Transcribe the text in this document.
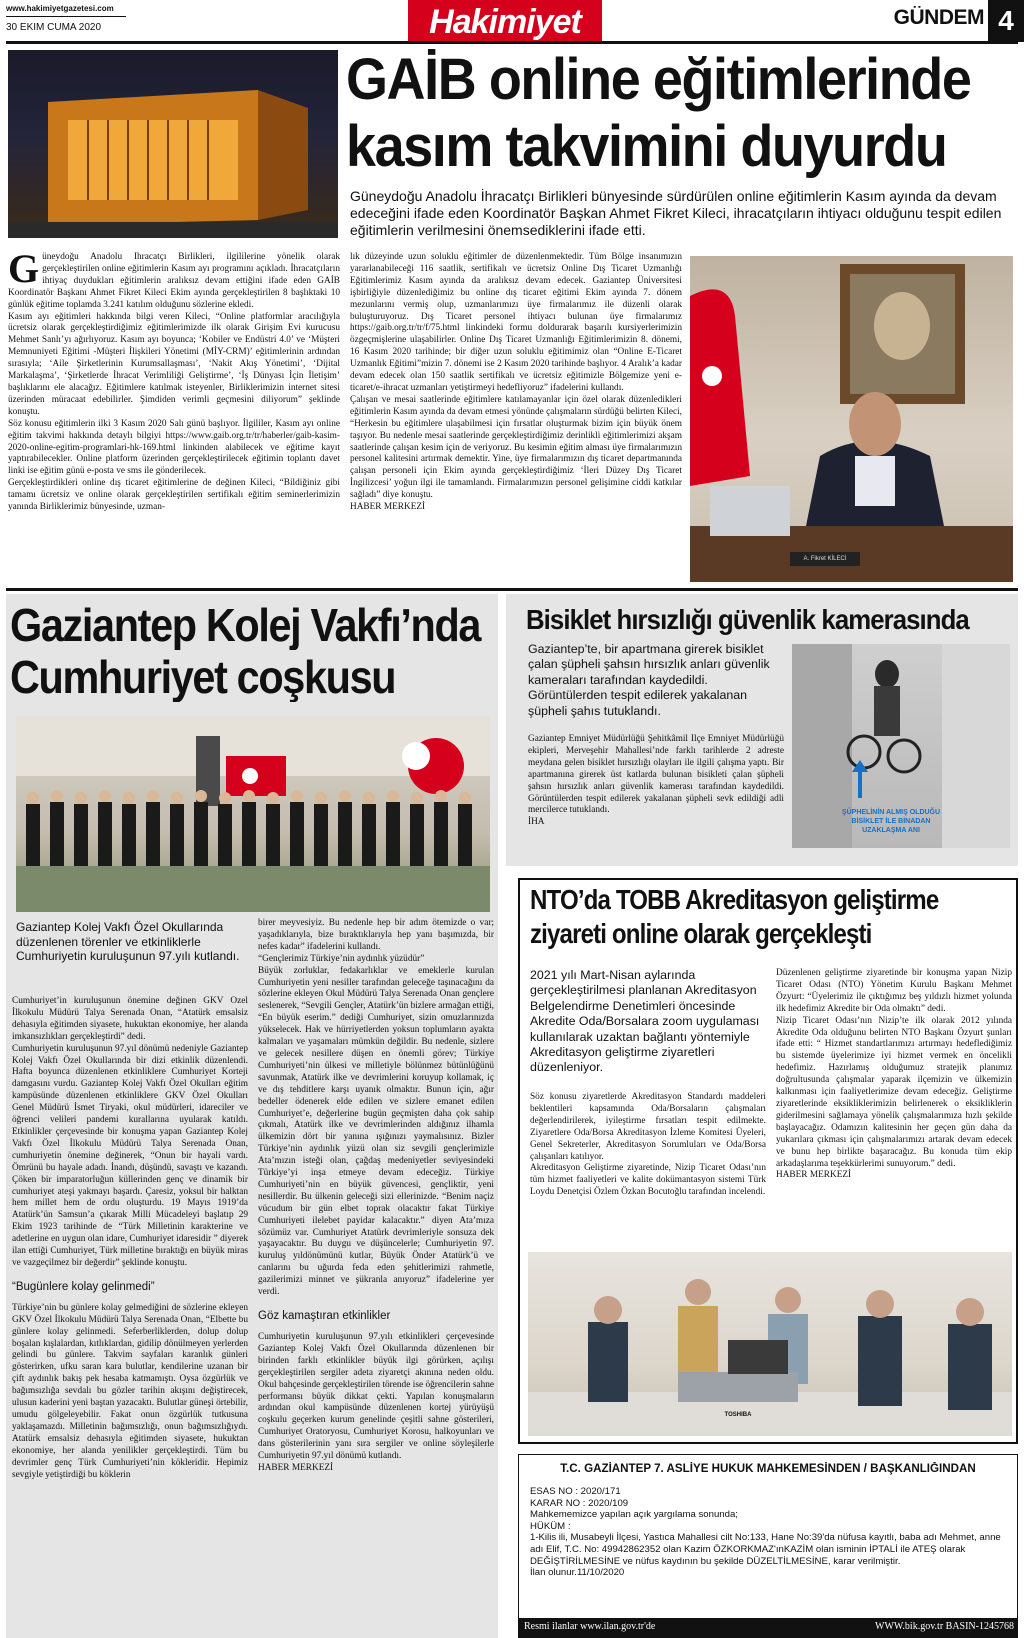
www.hakimiyetgazetesi.com
30 EKİM CUMA 2020	Hakimiyet	GÜNDEM 4
GAİB online eğitimlerinde
kasım takvimini duyurdu
Güneydoğu Anadolu İhracatçı Birlikleri bünyesinde sürdürülen online eğitimlerin Kasım ayında da devam edeceğini ifade eden Koordinatör Başkan Ahmet Fikret Kileci, ihracatçıların ihtiyacı olduğunu tespit edilen eğitimlerin verilmesini önemsediklerini ifade etti.
G üneydoğu Anadolu İhracatçı Birlikleri, ilgililerine yönelik olarak gerçekleştirilen online eğitimlerin Kasım ayı programını açıkladı. İhracatçıların ihtiyaç duydukları eğitimlerin aralıksız devam ettiğini ifade eden GAİB Koordinatör Başkanı Ahmet Fikret Kileci Ekim ayında gerçekleştirilen 8 başlıktaki 10 günlük eğitime toplamda 3.241 katılım olduğunu sözlerine ekledi.

Kasım ayı eğitimleri hakkında bilgi veren Kileci, “Online platformlar aracılığıyla ücretsiz olarak gerçekleştirdiğimiz eğitimlerimizde ilk olarak Girişim Evi kurucusu Mehmet Sanlı’yı ağırlıyoruz. Kasım ayı boyunca; ‘Kobiler ve Endüstri 4.0’ ve ‘Müşteri Memnuniyeti Eğitimi -Müşteri İlişkileri Yönetimi (MİY-CRM)’ eğitimlerinin ardından sırasıyla; ‘Aile Şirketlerinin Kurumsallaşması’, ‘Nakit Akış Yönetimi’, ‘Dijital Markalaşma’, ‘Şirketlerde İhracat Verimliliği Geliştirme’, ‘İş Dünyası İçin İletişim’ başlıklarını ele alacağız. Eğitimlere katılmak isteyenler, Birliklerimizin internet sitesi üzerinden müracaat edebilirler. Şimdiden verimli geçmesini diliyorum” şeklinde konuştu.

Söz konusu eğitimlerin ilki 3 Kasım 2020 Salı günü başlıyor. İlgililer, Kasım ayı online eğitim takvimi hakkında detaylı bilgiyi https://www.gaib.org.tr/tr/haberler/gaib-kasim-2020-online-egitim-programlari-hk-169.html linkinden alabilecek ve eğitime kayıt yaptırabilecekler. Online platform üzerinden gerçekleştirilecek eğitimin toplantı davet linki ise eğitim günü e-posta ve sms ile gönderilecek.

Gerçekleştirdikleri online dış ticaret eğitimlerine de değinen Kileci, “Bildiğiniz gibi tamamı ücretsiz ve online olarak gerçekleştirilen sertifikalı eğitim seminerlerimizin yanında Birliklerimiz bünyesinde, uzman-

lık düzeyinde uzun soluklu eğitimler de düzenlenmektedir. Tüm Bölge insanımızın yararlanabileceği 116 saatlik, sertifikalı ve ücretsiz Online Dış Ticaret Uzmanlığı Eğitimlerimiz Kasım ayında da aralıksız devam edecek. Gaziantep Üniversitesi işbirliğiyle düzenlediğimiz bu online dış ticaret eğitimi Ekim ayında 7. dönem mezunlarını vermiş olup, uzmanlarımızı üye firmalarımız ile düzenli olarak buluşturuyoruz. Dış Ticaret personel ihtiyacı bulunan üye firmalarımız https://gaib.org.tr/tr/f/75.html linkindeki formu doldurarak başarılı kursiyerlerimizin özgeçmişlerine ulaşabilirler. Online Dış Ticaret Uzmanlığı Eğitimlerimizin 8. dönemi, 16 Kasım 2020 tarihinde; bir diğer uzun soluklu eğitimimiz olan “Online E-Ticaret Uzmanlık Eğitimi”mizin 7. dönemi ise 2 Kasım 2020 tarihinde başlıyor. 4 Aralık’a kadar devam edecek olan 150 saatlik sertifikalı ve ücretsiz eğitimizle Bölgemize yeni e-ticaret/e-ihracat uzmanları yetiştirmeyi hedefliyoruz” ifadelerini kullandı.

Çalışan ve mesai saatlerinde eğitimlere katılamayanlar için özel olarak düzenledikleri eğitimlerin Kasım ayında da devam etmesi yönünde çalışmaların sürdüğü belirten Kileci, “Herkesin bu eğitimlere ulaşabilmesi için fırsatlar oluşturmak bizim için büyük önem taşıyor. Bu nedenle mesai saatlerinde gerçekleştirdiğimiz derinlikli eğitimlerimizi akşam saatlerinde çalışan kesim için de veriyoruz. Bu kesimin eğitim alması üye firmalarımızın personel kalitesini artırmak demektir. Yine, üye firmalarımızın dış ticaret departmanında çalışan personeli için Ekim ayında gerçekleştirdiğimiz ‘İleri Düzey Dış Ticaret İngilizcesi’ yoğun ilgi ile tamamlandı. Firmalarımızın personel gelişimine ciddi katkılar sağladı” diye konuştu.

HABER MERKEZİ

A. Fikret KİLECİ
Gaziantep Kolej Vakfı’nda
Cumhuriyet coşkusu
Gaziantep Kolej Vakfı Özel Okullarında düzenlenen törenler ve etkinliklerle Cumhuriyetin kuruluşunun 97.yılı kutlandı.

Cumhuriyet’in kuruluşunun önemine değinen GKV Özel İlkokulu Müdürü Talya Serenada Onan, “Atatürk emsalsiz dehasıyla eğitimden siyasete, hukuktan ekonomiye, her alanda imkansızlıkları gerçekleştirdi” dedi.

Cumhuriyetin kuruluşunun 97.yıl dönümü nedeniyle Gaziantep Kolej Vakfı Özel Okullarında bir dizi etkinlik düzenlendi. Hafta boyunca düzenlenen etkinliklere Cumhuriyet Korteji damgasını vurdu. Gaziantep Kolej Vakfı Özel Okulları eğitim kampüsünde düzenlenen etkinliklere GKV Özel Okulları Genel Müdürü İsmet Tiryaki, okul müdürleri, idareciler ve öğrenci velileri pandemi kurallarına uyularak katıldı. Etkinlikler çerçevesinde bir konuşma yapan Gaziantep Kolej Vakfı Özel İlkokulu Müdürü Talya Serenada Onan, cumhuriyetin önemine değinerek, “Onun bir hayali vardı. Ömrünü bu hayale adadı. İnandı, düşündü, savaştı ve kazandı. Çöken bir imparatorluğun küllerinden genç ve dinamik bir cumhuriyet ateşi yakmayı başardı. Çaresiz, yoksul bir halktan hem millet hem de ordu oluşturdu. 19 Mayıs 1919’da Atatürk’ün Samsun’a çıkarak Milli Mücadeleyi başlatıp 29 Ekim 1923 tarihinde de “Türk Milletinin karakterine ve adetlerine en uygun olan idare, Cumhuriyet idaresidir ” diyerek ilan ettiği Cumhuriyet, Türk milletine bıraktığı en büyük miras ve vazgeçilmez bir değerdir” şeklinde konuştu.

“Bugünlere kolay gelinmedi”

Türkiye’nin bu günlere kolay gelmediğini de sözlerine ekleyen GKV Özel İlkokulu Müdürü Talya Serenada Onan, “Elbette bu günlere kolay gelinmedi. Seferberliklerden, dolup dolup boşalan kışlalardan, kıtlıklardan, gidilip dönülmeyen yerlerden gelindi bu günlere. Takvim sayfaları karanlık günleri gösterirken, ufku saran kara bulutlar, kendilerine uzanan bir çift aydınlık bakış pek hesaba katmamıştı. Oysa özgürlük ve bağımsızlığa sevdalı bu gözler tarihin akışını değiştirecek, ulusun kaderini yeni baştan yazacaktı. Bulutlar güneşi örtebilir, umudu gölgeleyebilir. Fakat onun özgürlük tutkusuna yaklaşamazdı. Milletinin bağımsızlığı, onun bağımsızlığıydı. Atatürk emsalsiz dehasıyla eğitimden siyasete, hukuktan ekonomiye, her alanda yenilikler gerçekleştirdi. Tüm bu devrimler genç Türk Cumhuriyeti’nin kökleridir. Hepimiz sevgiyle yetiştirdiği bu köklerin

birer meyvesiyiz. Bu nedenle hep bir adım ötemizde o var; yaşadıklarıyla, bize bıraktıklarıyla hep yanı başımızda, bir nefes kadar” ifadelerini kullandı.

“Gençlerimiz Türkiye’nin aydınlık yüzüdür”

Büyük zorluklar, fedakarlıklar ve emeklerle kurulan Cumhuriyetin yeni nesiller tarafından geleceğe taşınacağını da sözlerine ekleyen Okul Müdürü Talya Serenada Onan gençlere seslenerek, “Sevgili Gençler, Atatürk’ün bizlere armağan ettiği, “En büyük eserim.” dediği Cumhuriyet, sizin omuzlarınızda yükselecek. Hak ve hürriyetlerden yoksun toplumların ayakta kalmaları ve yaşamaları mümkün değildir. Bu nedenle, sizlere ve gelecek nesillere düşen en önemli görev; Türkiye Cumhuriyeti’nin ülkesi ve milletiyle bölünmez bütünlüğünü savunmak, Atatürk ilke ve devrimlerini koruyup kollamak, iç ve dış tehditlere karşı uyanık olmaktır. Bunun için, ağır bedeller ödenerek elde edilen ve sizlere emanet edilen Cumhuriyet’e, değerlerine bugün geçmişten daha çok sahip çıkmalı, Atatürk ilke ve devrimlerinden aldığınız ilhamla ülkemizin dört bir yanına ışığınızı yaymalısınız. Bizler Türkiye’nin aydınlık yüzü olan siz sevgili gençlerimizle Ata’mızın isteği olan, çağdaş medeniyetler seviyesindeki Türkiye’yi inşa etmeye devam edeceğiz. Türkiye Cumhuriyeti’nin en büyük güvencesi, gençliktir, yeni nesillerdir. Bu ülkenin geleceği sizi ellerinizde. “Benim naçiz vücudum bir gün elbet toprak olacaktır fakat Türkiye Cumhuriyeti ilelebet payidar kalacaktır.” diyen Ata’mıza sözümüz var. Cumhuriyet Atatürk devrimleriyle sonsuza dek yaşayacaktır. Bu duygu ve düşüncelerle; Cumhuriyetin 97. kuruluş yıldönümünü kutlar, Büyük Önder Atatürk’ü ve canlarını bu uğurda feda eden şehitlerimizi rahmetle, gazilerimizi minnet ve şükranla anıyoruz” ifadelerine yer verdi.

Göz kamaştıran etkinlikler

Cumhuriyetin kuruluşunun 97.yılı etkinlikleri çerçevesinde Gaziantep Kolej Vakfı Özel Okullarında düzenlenen bir birinden farklı etkinlikler büyük ilgi görürken, açılışı gerçekleştirilen sergiler adeta ziyaretçi akınına neden oldu. Okul bahçesinde gerçekleştirilen törende ise öğrencilerin sahne performansı büyük dikkat çekti. Yapılan konuşmaların ardından okul kampüsünde düzenlenen kortej yürüyüşü coşkulu geçerken kurum genelinde çeşitli sahne gösterileri, Cumhuriyet Oratoryosu, Cumhuriyet Korosu, halkoyunları ve dans gösterilerinin yanı sıra sergiler ve online söyleşilerle Cumhuriyetin 97.yıl dönümü kutlandı.

HABER MERKEZİ

Bisiklet hırsızlığı güvenlik kamerasında
Gaziantep’te, bir apartmana girerek bisiklet çalan şüpheli şahsın hırsızlık anları güvenlik kameraları tarafından kaydedildi. Görüntülerden tespit edilerek yakalanan şüpheli şahıs tutuklandı.

Gaziantep Emniyet Müdürlüğü Şehitkâmil İlçe Emniyet Müdürlüğü ekipleri, Merveşehir Mahallesi’nde farklı tarihlerde 2 adreste meydana gelen bisiklet hırsızlığı olayları ile ilgili çalışma yaptı. Bir apartmanına girerek üst katlarda bulunan bisikleti çalan şüpheli şahsın hırsızlık anları güvenlik kamerası tarafından kaydedildi. Görüntülerden tespit edilerek yakalanan şüpheli sevk edildiği adli mercilerce tutuklandı.

İHA

ŞÜPHELİNİN ALMIŞ OLDUĞU BİSİKLET İLE BİNADAN UZAKLAŞMA ANI
NTO’da TOBB Akreditasyon geliştirme
ziyareti online olarak gerçekleşti
2021 yılı Mart-Nisan aylarında gerçekleştirilmesi planlanan Akreditasyon Belgelendirme Denetimleri öncesinde Akredite Oda/Borsalara zoom uygulaması kullanılarak uzaktan bağlantı yöntemiyle Akreditasyon geliştirme ziyaretleri düzenleniyor.

Söz konusu ziyaretlerde Akreditasyon Standardı maddeleri beklentileri kapsamında Oda/Borsaların çalışmaları değerlendirilerek, iyileştirme fırsatları tespit edilmekte. Ziyaretlere Oda/Borsa Akreditasyon İzleme Komitesi Üyeleri, Genel Sekreterler, Akreditasyon Sorumluları ve Oda/Borsa çalışanları katılıyor.

Akreditasyon Geliştirme ziyaretinde, Nizip Ticaret Odası’nın tüm hizmet faaliyetleri ve kalite dokümantasyon sistemi Türk Loydu Denetçisi Özlem Özkan Bocutoğlu tarafından incelendi.

Düzenlenen geliştirme ziyaretinde bir konuşma yapan Nizip Ticaret Odası (NTO) Yönetim Kurulu Başkanı Mehmet Özyurt: “Üyelerimiz ile çıktığımız beş yıldızlı hizmet yolunda ilk hedefimiz Akredite bir Oda olmaktı” dedi.

Nizip Ticaret Odası’nın Nizip’te ilk olarak 2012 yılında Akredite Oda olduğunu belirten NTO Başkanı Özyurt şunları ifade etti: “ Hizmet standartlarımızı artırmayı hedeflediğimiz bu sistemde üyelerimize iyi hizmet vermek en öncelikli hedefimiz. Hazırlamış olduğumuz stratejik planımız doğrultusunda çalışmalar yaparak ilçemizin ve ülkemizin kalkınması için faaliyetlerimize devam edeceğiz. Geliştirme ziyaretlerinde eksikliklerimizin belirlenerek o eksikliklerin giderilmesini sağlamaya yönelik çalışmalarımıza hızlı şekilde başlayacağız. Odamızın kalitesinin her geçen gün daha da yukarılara çıkması için çalışmalarımızı artarak devam edecek ve bunu hep birlikte başaracağız. Bu konuda tüm ekip arkadaşlarıma teşekkürlerimi sunuyorum.” dedi.

HABER MERKEZİ

TOSHIBA
T.C. GAZİANTEP 7. ASLİYE HUKUK MAHKEMESİNDEN / BAŞKANLIĞINDAN
ESAS NO : 2020/171
KARAR NO : 2020/109
Mahkememizce yapılan açık yargılama sonunda;
HÜKÜM :
1-Kilis ili, Musabeyli İlçesi, Yastıca Mahallesi cilt No:133, Hane No:39'da nüfusa kayıtlı, baba adı Mehmet, anne adı Elif, T.C. No: 49942862352 olan Kazim ÖZKORKMAZ'ınKAZİM olan isminin İPTALİ ile ATEŞ olarak DEĞİŞTİRİLMESİNE ve nüfus kaydının bu şekilde DÜZELTİLMESİNE, karar verilmiştir.
İlan olunur.11/10/2020
Resmi ilanlar www.ilan.gov.tr'de	WWW.bik.gov.tr BASIN-1245768
